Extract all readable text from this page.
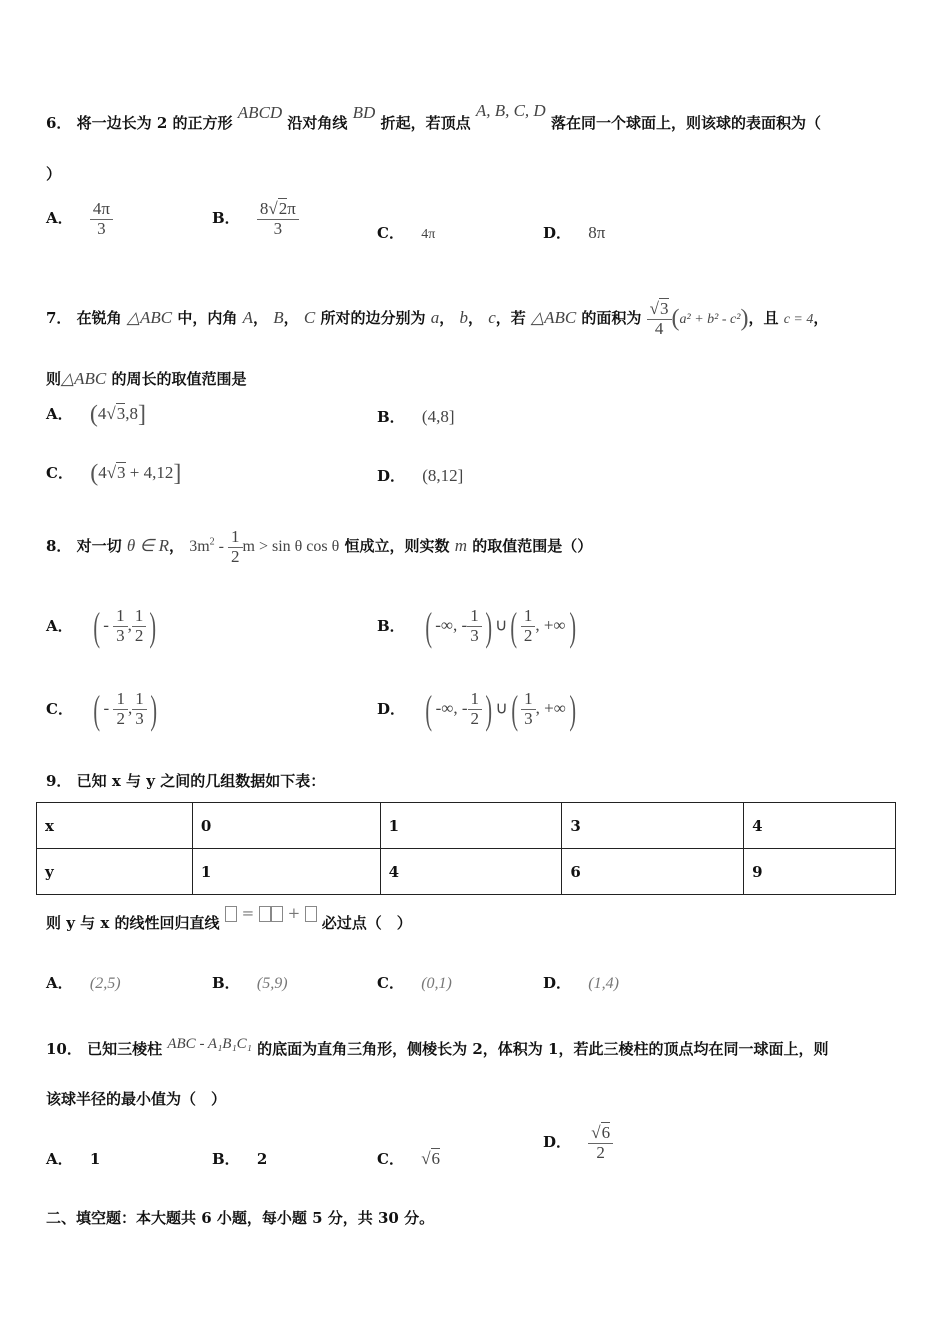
6． 将一边长为 2 的正方形 ABCD 沿对角线 BD 折起，若顶点 A, B, C, D 落在同一个球面上，则该球的表面积为（
）
A． $\frac{4\pi}{3}$	B． $\frac{8√2\pi}{3}$	C． 4π	D． 8π
7． 在锐角 △ABC 中，内角 A， B， C 所对的边分别为 a， b， c，若 △ABC 的面积为 $\frac{√3}{4} (a^2 + b^2 - c^2)$，且 c = 4，
则△ABC 的周长的取值范围是
A． (4√3,8]	B． (4,8]
C． (4√3 + 4,12]	D． (8,12]
8． 对一切 θ ∈ R， $3m^2 - \frac{1}{2}$ m > sin θ cos θ 恒成立，则实数 m 的取值范围是（）
A． ( - $\frac{1}{3}$ , $\frac{1}{2}$ )	B． ( -∞, - $\frac{1}{3}$ ) ∪( $\frac{1}{2}$ , +∞)
C． ( - $\frac{1}{2}$ , $\frac{1}{3}$ )	D． ( -∞, - $\frac{1}{2}$ ) ∪( $\frac{1}{3}$ , +∞)
9． 已知 x 与 y 之间的几组数据如下表：
x	0	1	3	4
y	1	4	6	9
则 y 与 x 的线性回归直线  =  +  必过点（　）
A． (2,5)	B． (5,9)	C． (0,1)	D． (1,4)
10． 已知三棱柱 ABC - A₁B₁C₁ 的底面为直角三角形，侧棱长为 2，体积为 1，若此三棱柱的顶点均在同一球面上，则
该球半径的最小值为（　）
A． 1	B． 2	C． √6
D． $\frac{√6}{2}$
二、填空题：本大题共 6 小题，每小题 5 分，共 30 分。
